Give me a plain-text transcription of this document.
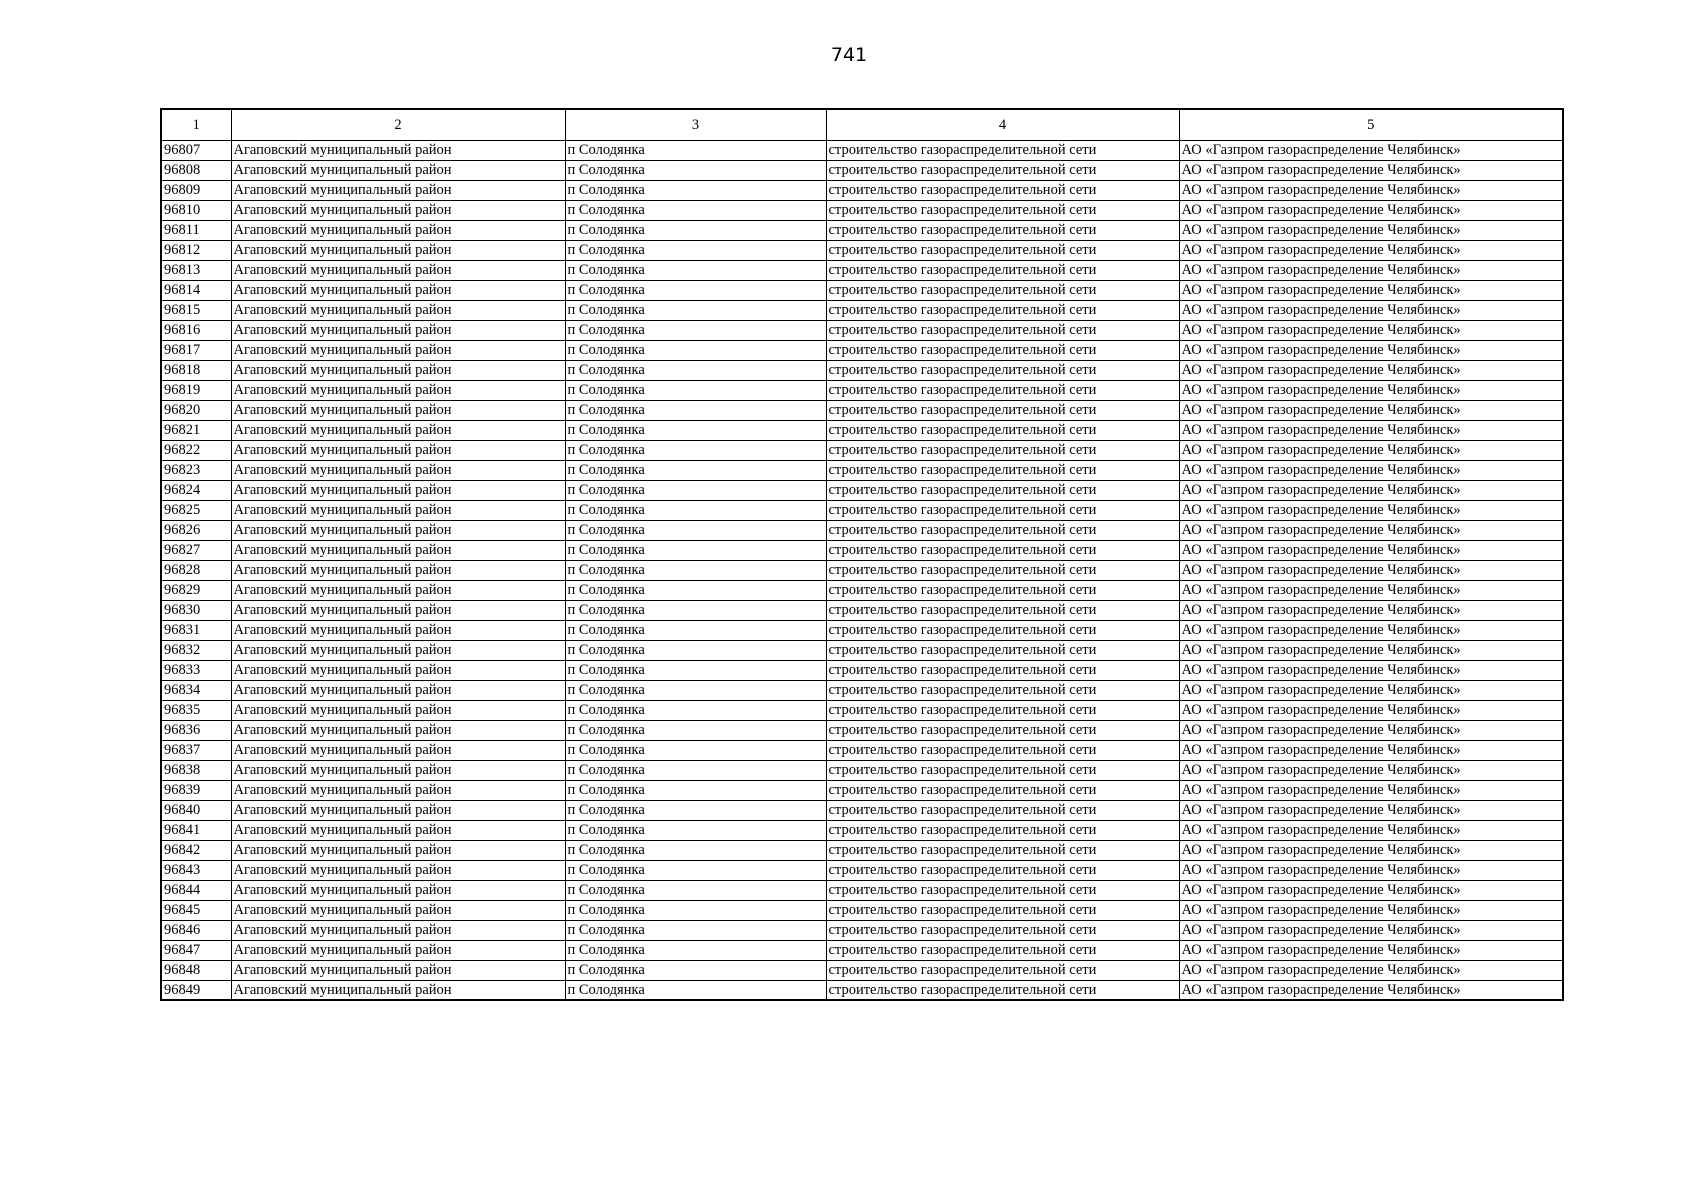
741
1	2	3	4	5
96807	Агаповский муниципальный район	п Солодянка	строительство газораспределительной сети	АО «Газпром газораспределение Челябинск»
96808	Агаповский муниципальный район	п Солодянка	строительство газораспределительной сети	АО «Газпром газораспределение Челябинск»
96809	Агаповский муниципальный район	п Солодянка	строительство газораспределительной сети	АО «Газпром газораспределение Челябинск»
96810	Агаповский муниципальный район	п Солодянка	строительство газораспределительной сети	АО «Газпром газораспределение Челябинск»
96811	Агаповский муниципальный район	п Солодянка	строительство газораспределительной сети	АО «Газпром газораспределение Челябинск»
96812	Агаповский муниципальный район	п Солодянка	строительство газораспределительной сети	АО «Газпром газораспределение Челябинск»
96813	Агаповский муниципальный район	п Солодянка	строительство газораспределительной сети	АО «Газпром газораспределение Челябинск»
96814	Агаповский муниципальный район	п Солодянка	строительство газораспределительной сети	АО «Газпром газораспределение Челябинск»
96815	Агаповский муниципальный район	п Солодянка	строительство газораспределительной сети	АО «Газпром газораспределение Челябинск»
96816	Агаповский муниципальный район	п Солодянка	строительство газораспределительной сети	АО «Газпром газораспределение Челябинск»
96817	Агаповский муниципальный район	п Солодянка	строительство газораспределительной сети	АО «Газпром газораспределение Челябинск»
96818	Агаповский муниципальный район	п Солодянка	строительство газораспределительной сети	АО «Газпром газораспределение Челябинск»
96819	Агаповский муниципальный район	п Солодянка	строительство газораспределительной сети	АО «Газпром газораспределение Челябинск»
96820	Агаповский муниципальный район	п Солодянка	строительство газораспределительной сети	АО «Газпром газораспределение Челябинск»
96821	Агаповский муниципальный район	п Солодянка	строительство газораспределительной сети	АО «Газпром газораспределение Челябинск»
96822	Агаповский муниципальный район	п Солодянка	строительство газораспределительной сети	АО «Газпром газораспределение Челябинск»
96823	Агаповский муниципальный район	п Солодянка	строительство газораспределительной сети	АО «Газпром газораспределение Челябинск»
96824	Агаповский муниципальный район	п Солодянка	строительство газораспределительной сети	АО «Газпром газораспределение Челябинск»
96825	Агаповский муниципальный район	п Солодянка	строительство газораспределительной сети	АО «Газпром газораспределение Челябинск»
96826	Агаповский муниципальный район	п Солодянка	строительство газораспределительной сети	АО «Газпром газораспределение Челябинск»
96827	Агаповский муниципальный район	п Солодянка	строительство газораспределительной сети	АО «Газпром газораспределение Челябинск»
96828	Агаповский муниципальный район	п Солодянка	строительство газораспределительной сети	АО «Газпром газораспределение Челябинск»
96829	Агаповский муниципальный район	п Солодянка	строительство газораспределительной сети	АО «Газпром газораспределение Челябинск»
96830	Агаповский муниципальный район	п Солодянка	строительство газораспределительной сети	АО «Газпром газораспределение Челябинск»
96831	Агаповский муниципальный район	п Солодянка	строительство газораспределительной сети	АО «Газпром газораспределение Челябинск»
96832	Агаповский муниципальный район	п Солодянка	строительство газораспределительной сети	АО «Газпром газораспределение Челябинск»
96833	Агаповский муниципальный район	п Солодянка	строительство газораспределительной сети	АО «Газпром газораспределение Челябинск»
96834	Агаповский муниципальный район	п Солодянка	строительство газораспределительной сети	АО «Газпром газораспределение Челябинск»
96835	Агаповский муниципальный район	п Солодянка	строительство газораспределительной сети	АО «Газпром газораспределение Челябинск»
96836	Агаповский муниципальный район	п Солодянка	строительство газораспределительной сети	АО «Газпром газораспределение Челябинск»
96837	Агаповский муниципальный район	п Солодянка	строительство газораспределительной сети	АО «Газпром газораспределение Челябинск»
96838	Агаповский муниципальный район	п Солодянка	строительство газораспределительной сети	АО «Газпром газораспределение Челябинск»
96839	Агаповский муниципальный район	п Солодянка	строительство газораспределительной сети	АО «Газпром газораспределение Челябинск»
96840	Агаповский муниципальный район	п Солодянка	строительство газораспределительной сети	АО «Газпром газораспределение Челябинск»
96841	Агаповский муниципальный район	п Солодянка	строительство газораспределительной сети	АО «Газпром газораспределение Челябинск»
96842	Агаповский муниципальный район	п Солодянка	строительство газораспределительной сети	АО «Газпром газораспределение Челябинск»
96843	Агаповский муниципальный район	п Солодянка	строительство газораспределительной сети	АО «Газпром газораспределение Челябинск»
96844	Агаповский муниципальный район	п Солодянка	строительство газораспределительной сети	АО «Газпром газораспределение Челябинск»
96845	Агаповский муниципальный район	п Солодянка	строительство газораспределительной сети	АО «Газпром газораспределение Челябинск»
96846	Агаповский муниципальный район	п Солодянка	строительство газораспределительной сети	АО «Газпром газораспределение Челябинск»
96847	Агаповский муниципальный район	п Солодянка	строительство газораспределительной сети	АО «Газпром газораспределение Челябинск»
96848	Агаповский муниципальный район	п Солодянка	строительство газораспределительной сети	АО «Газпром газораспределение Челябинск»
96849	Агаповский муниципальный район	п Солодянка	строительство газораспределительной сети	АО «Газпром газораспределение Челябинск»
